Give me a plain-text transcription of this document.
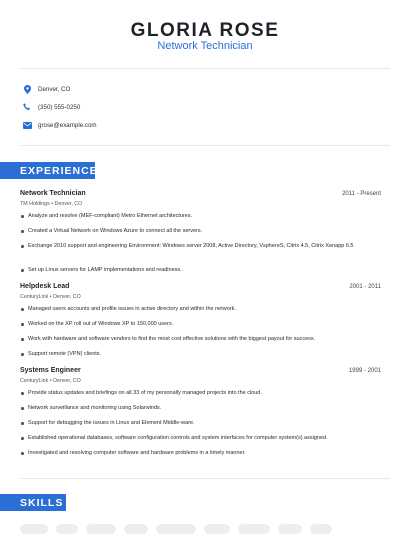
GLORIA ROSE
Network Technician
Denver, CO
(350) 555-0250
grose@example.com
EXPERIENCE
Network Technician	2011 - Present
TM Holdings • Denver, CO
Analyze and resolve (MEF-compliant) Metro Ethernet architectures.
Created a Virtual Network on Windows Azure to connect all the servers.
Exchange 2010 support and engineering Environment: Windows server 2008, Active Directory, VsphereS, Citrix 4.5, Citrix Xenapp 6.5
Set up Linux servers for LAMP implementations and readiness.
Helpdesk Lead	2001 - 2011
CenturyLink • Denver, CO
Managed users accounts and profile issues in active directory and within the network.
Worked on the XP roll out of Windows XP to 150,000 users.
Work with hardware and software vendors to find the most cost effective solutions with the biggest payout for success.
Support remote (VPN) clients.
Systems Engineer	1999 - 2001
CenturyLink • Denver, CO
Provide status updates and briefings on all 33 of my personally managed projects into the cloud.
Network surveillance and monitoring using Solarwinds.
Support for debugging the issues in Linux and Element Middle-ware.
Established operational databases, software configuration controls and system interfaces for computer system(s) assigned.
Investigated and resolving computer software and hardware problems in a timely manner.
SKILLS
